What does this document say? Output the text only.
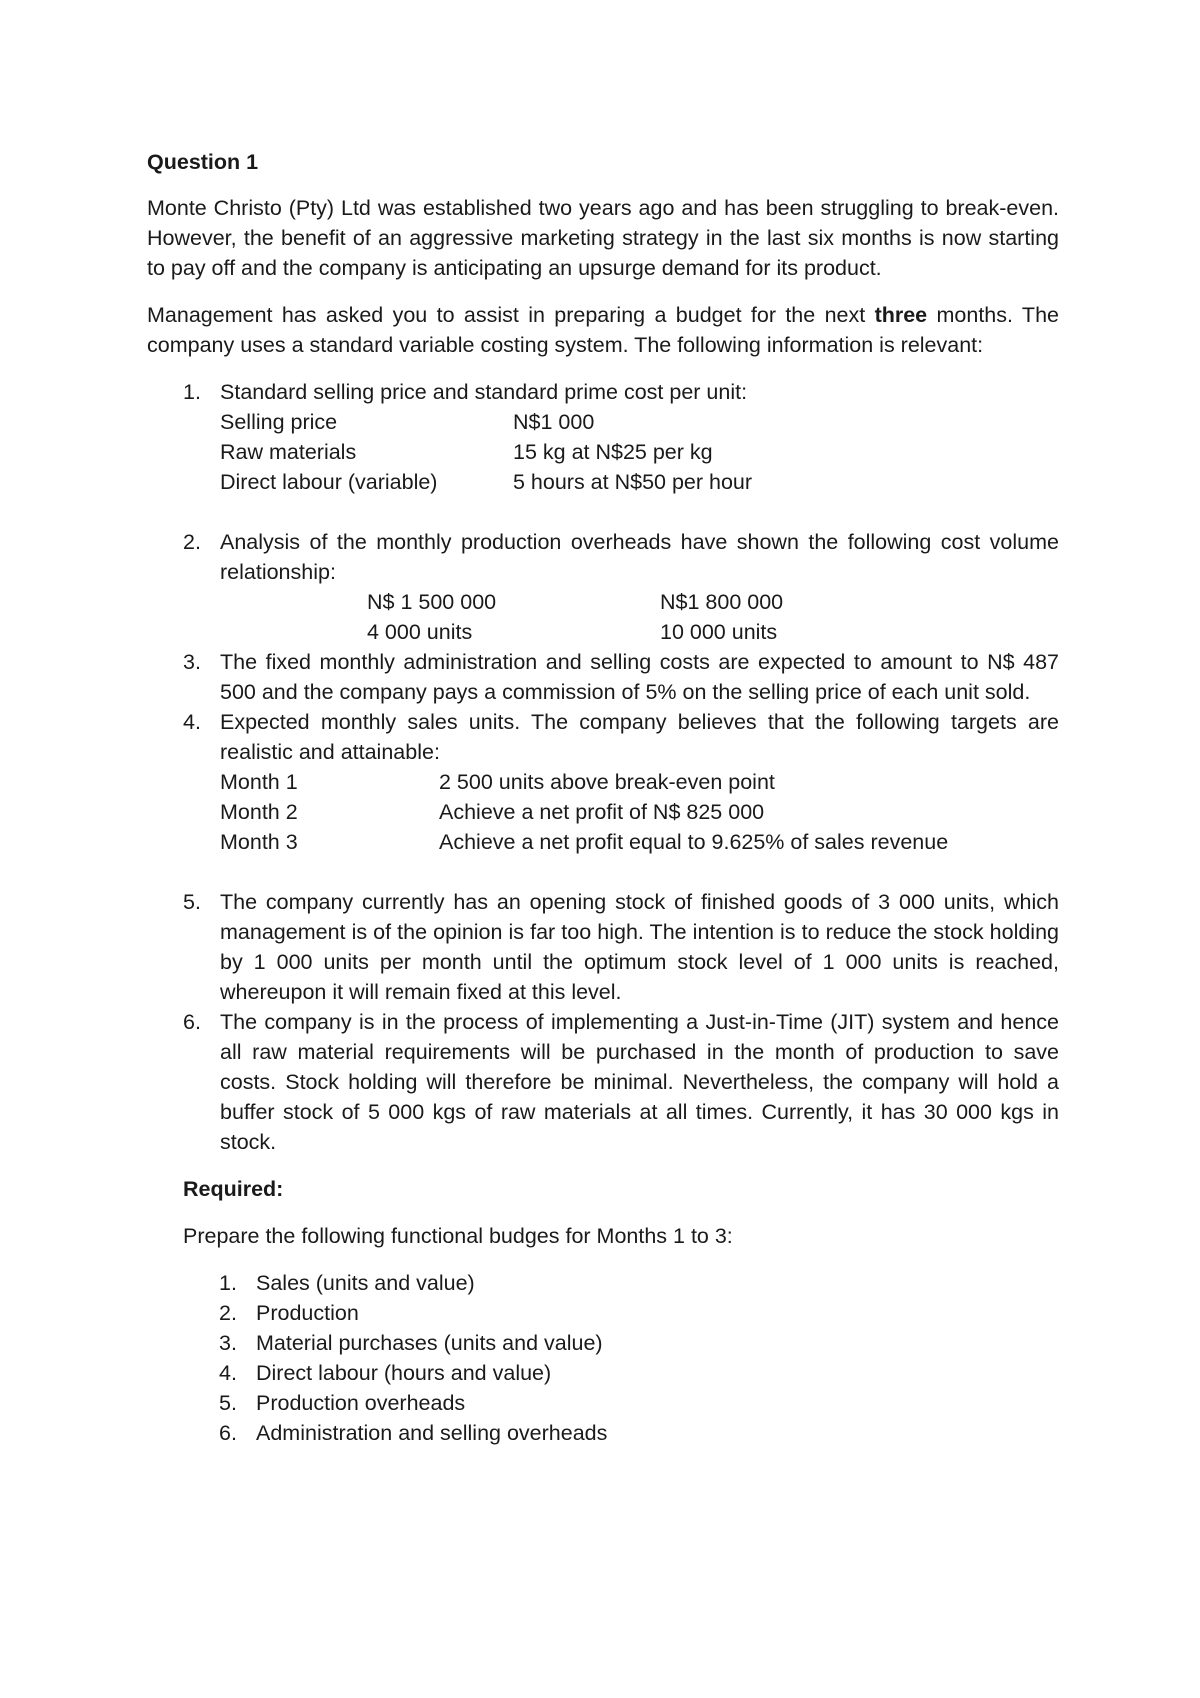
Question 1

Monte Christo (Pty) Ltd was established two years ago and has been struggling to break-even. However, the benefit of an aggressive marketing strategy in the last six months is now starting to pay off and the company is anticipating an upsurge demand for its product.

Management has asked you to assist in preparing a budget for the next three months. The company uses a standard variable costing system. The following information is relevant:

1. Standard selling price and standard prime cost per unit:
Selling price	N$1 000
Raw materials	15 kg at N$25 per kg
Direct labour (variable)	5 hours at N$50 per hour
2. Analysis of the monthly production overheads have shown the following cost volume relationship:
N$ 1 500 000	N$1 800 000
4 000 units	10 000 units
3. The fixed monthly administration and selling costs are expected to amount to N$ 487 500 and the company pays a commission of 5% on the selling price of each unit sold.
4. Expected monthly sales units. The company believes that the following targets are realistic and attainable:
Month 1	2 500 units above break-even point
Month 2	Achieve a net profit of N$ 825 000
Month 3	Achieve a net profit equal to 9.625% of sales revenue
5. The company currently has an opening stock of finished goods of 3 000 units, which management is of the opinion is far too high. The intention is to reduce the stock holding by 1 000 units per month until the optimum stock level of 1 000 units is reached, whereupon it will remain fixed at this level.
6. The company is in the process of implementing a Just-in-Time (JIT) system and hence all raw material requirements will be purchased in the month of production to save costs. Stock holding will therefore be minimal. Nevertheless, the company will hold a buffer stock of 5 000 kgs of raw materials at all times. Currently, it has 30 000 kgs in stock.
Required:
Prepare the following functional budges for Months 1 to 3:
1. Sales (units and value)
2. Production
3. Material purchases (units and value)
4. Direct labour (hours and value)
5. Production overheads
6. Administration and selling overheads
